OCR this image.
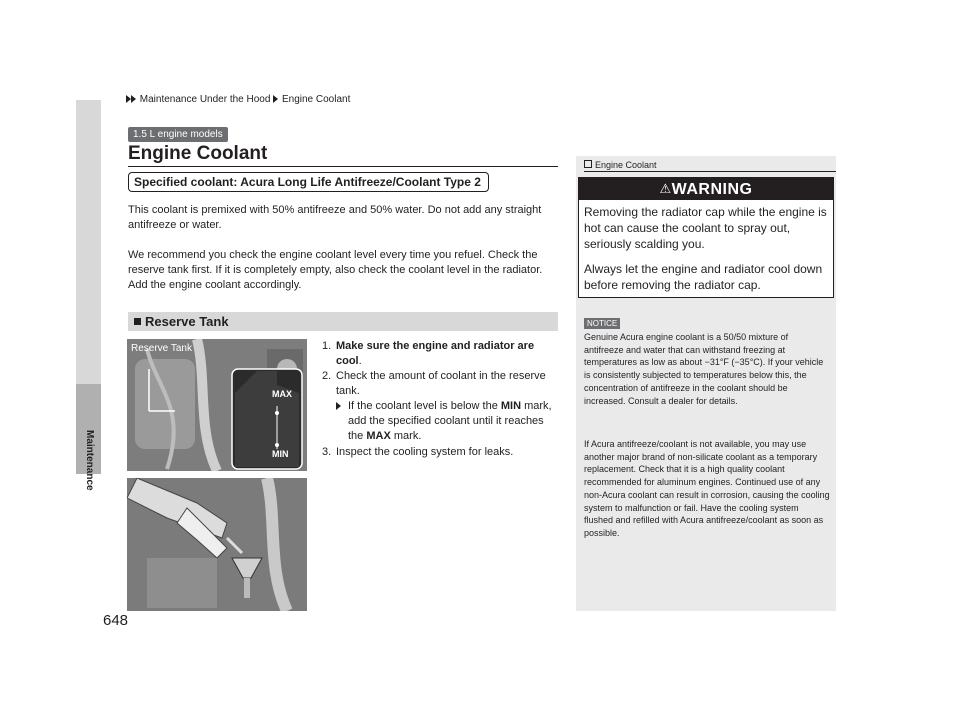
Maintenance Under the Hood Engine Coolant
Maintenance
648
1.5 L engine models
Engine Coolant
Specified coolant: Acura Long Life Antifreeze/Coolant Type 2
This coolant is premixed with 50% antifreeze and 50% water. Do not add any straight antifreeze or water.
We recommend you check the engine coolant level every time you refuel. Check the reserve tank first. If it is completely empty, also check the coolant level in the radiator. Add the engine coolant accordingly.
Reserve Tank
Reserve Tank
MAX
MIN
1. Make sure the engine and radiator are cool.
2. Check the amount of coolant in the reserve tank.
If the coolant level is below the MIN mark, add the specified coolant until it reaches the MAX mark.
3. Inspect the cooling system for leaks.
Engine Coolant
⚠WARNING
Removing the radiator cap while the engine is hot can cause the coolant to spray out, seriously scalding you.
Always let the engine and radiator cool down before removing the radiator cap.
NOTICE
Genuine Acura engine coolant is a 50/50 mixture of antifreeze and water that can withstand freezing at temperatures as low as about −31°F (−35°C). If your vehicle is consistently subjected to temperatures below this, the concentration of antifreeze in the coolant should be increased. Consult a dealer for details.
If Acura antifreeze/coolant is not available, you may use another major brand of non-silicate coolant as a temporary replacement. Check that it is a high quality coolant recommended for aluminum engines. Continued use of any non-Acura coolant can result in corrosion, causing the cooling system to malfunction or fail. Have the cooling system flushed and refilled with Acura antifreeze/coolant as soon as possible.
